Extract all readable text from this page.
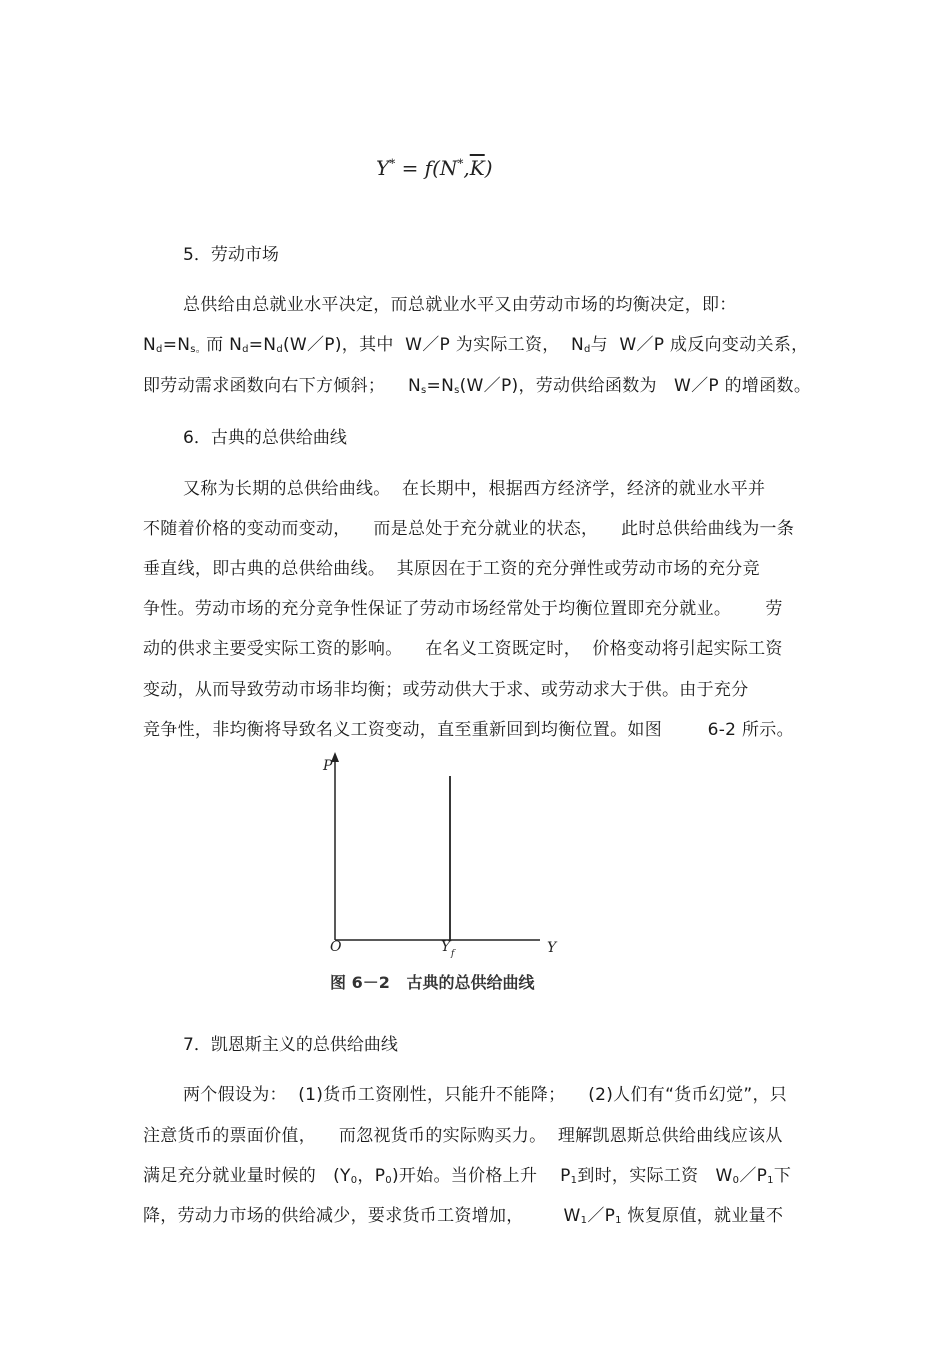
$Y^* = f(N^*,\overline{K})$
5．劳动市场
总供给由总就业水平决定，而总就业水平又由劳动市场的均衡决定，即：
$N_d=N_{s。}$而 $N_d=N_d(W/P)$，其中  W／P 为实际工资，  $N_d$与  W／P 成反向变动关系，
即劳动需求函数向右下方倾斜；    $N_s=N_s(W/P)$，劳动供给函数为   W／P 的增函数。
6．古典的总供给曲线
又称为长期的总供给曲线。  在长期中，根据西方经济学，经济的就业水平并
不随着价格的变动而变动，    而是总处于充分就业的状态，    此时总供给曲线为一条
垂直线，即古典的总供给曲线。  其原因在于工资的充分弹性或劳动市场的充分竞
争性。劳动市场的充分竞争性保证了劳动市场经常处于均衡位置即充分就业。      劳
动的供求主要受实际工资的影响。    在名义工资既定时，  价格变动将引起实际工资
变动，从而导致劳动市场非均衡；或劳动供大于求、或劳动求大于供。由于充分
竞争性，非均衡将导致名义工资变动，直至重新回到均衡位置。如图        6-2 所示。
P
Y
O	Y f
图 6－2   古典的总供给曲线
7．凯恩斯主义的总供给曲线
两个假设为：  (1)货币工资刚性，只能升不能降；    (2)人们有“货币幻觉”，只
注意货币的票面价值，    而忽视货币的实际购买力。  理解凯恩斯总供给曲线应该从
满足充分就业量时候的   ($Y_0$，$P_0$)开始。当价格上升    $P_1$到时，实际工资   $W_0/P_1$下
降，劳动力市场的供给减少，要求货币工资增加，       $W_1/P_1$ 恢复原值，就业量不
